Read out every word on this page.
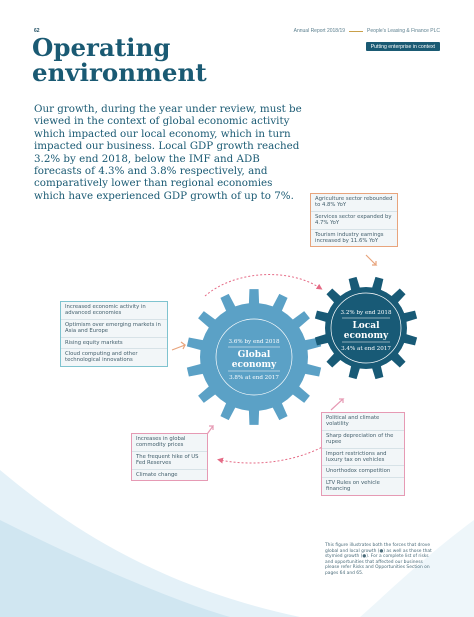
62	Annual Report 2018/19	People's Leasing & Finance PLC
Putting enterprise in context
Operating
environment

Our growth, during the year under review, must be viewed in the context of global economic activity which impacted our local economy, which in turn impacted our business. Local GDP growth reached 3.2% by end 2018, below the IMF and ADB forecasts of 4.3% and 3.8% respectively, and comparatively lower than regional economies which have experienced GDP growth of up to 7%.

3.6% by end 2018
Global
economy
3.8% at end 2017
3.2% by end 2018
Local
economy
3.4% at end 2017
Agriculture sector rebounded to 4.8% YoY
Services sector expanded by 4.7% YoY
Tourism industry earnings increased by 11.6% YoY
Increased economic activity in advanced economies
Optimism over emerging markets in Asia and Europe
Rising equity markets
Cloud computing and other technological innovations
Increases in global commodity prices
The frequent hike of US Fed Reserves
Climate change
Political and climate volatility
Sharp depreciation of the rupee
Import restrictions and luxury tax on vehicles
Unorthodox competition
LTV Rules on vehicle financing

This figure illustrates both the forces that drove global and local growth (●) as well as those that stymied growth (●). For a complete list of risks and opportunities that affected our business please refer Risks and Opportunities Section on pages 64 and 65.
